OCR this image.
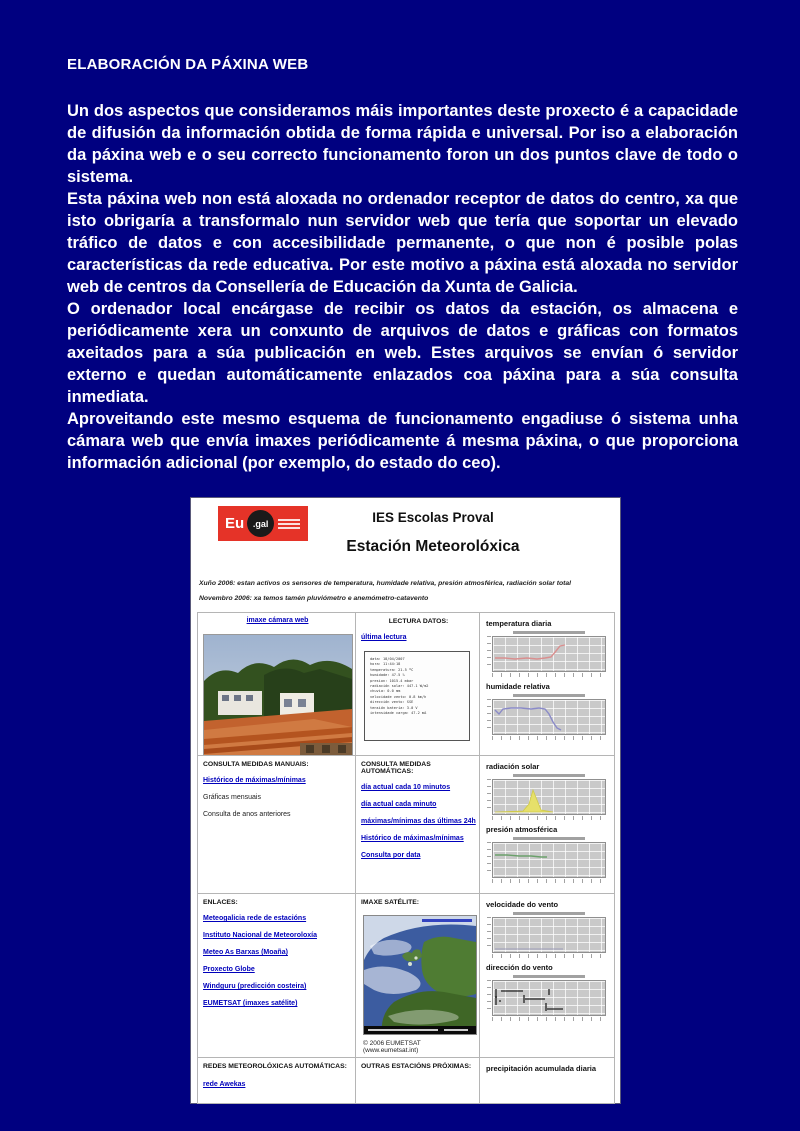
ELABORACIÓN DA PÁXINA WEB

Un dos aspectos que consideramos máis importantes deste proxecto é a capacidade de difusión da información obtida de forma rápida e universal. Por iso a elaboración da páxina web e o seu correcto funcionamento foron un dos puntos clave de todo o sistema.

Esta páxina web non está aloxada no ordenador receptor de datos do centro, xa que isto obrigaría a transformalo nun servidor web que tería que soportar un elevado tráfico de datos e con accesibilidade permanente, o que non é posible polas características da rede educativa. Por este motivo a páxina está aloxada no servidor web de centros da Consellería de Educación da Xunta de Galicia.

O ordenador local encárgase de recibir os datos da estación, os almacena e periódicamente xera un conxunto de arquivos de datos e gráficas con formatos axeitados para a súa publicación en web. Estes arquivos se envían ó servidor externo e quedan automáticamente enlazados coa páxina para a súa consulta inmediata.

Aproveitando este mesmo esquema de funcionamento engadiuse ó sistema unha cámara web que envía imaxes periódicamente á mesma páxina, o que proporciona información adicional (por exemplo, do estado do ceo).

Eu .gal	IES Escolas Proval
Estación Meteorolóxica
Xuño 2006: estan activos os sensores de temperatura, humidade relativa, presión atmosférica, radiación solar total
Novembro 2006: xa temos tamén pluviómetro e anemómetro-catavento
imaxe cámara web	LECTURA DATOS:
última lectura
data: 18/04/2007
hora: 11:44:18
temperatura: 21.5 ºC
humidade: 47.5 %
presion: 1015.4 mbar
radiación solar: 447.1 W/m2
chuvia: 0.0 mm
velocidade vento: 0.8 km/h
dirección vento: SSE
tensión batería: 3.0 V
intensidade carga: 47.2 mA
temperatura diaria
humidade relativa
CONSULTA MEDIDAS MANUAIS:
Histórico de máximas/mínimas
Gráficas mensuais
Consulta de anos anteriores
CONSULTA MEDIDAS AUTOMÁTICAS:
día actual cada 10 minutos
día actual cada minuto
máximas/mínimas das últimas 24h
Histórico de máximas/mínimas
Consulta por data
radiación solar
presión atmosférica
ENLACES:
Meteogalicia rede de estacións
Instituto Nacional de Meteoroloxía
Meteo As Barxas (Moaña)
Proxecto Globe
Windguru (predicción costeira)
EUMETSAT (imaxes satélite)
IMAXE SATÉLITE:
© 2006 EUMETSAT (www.eumetsat.int)
velocidade do vento
dirección do vento
REDES METEOROLÓXICAS AUTOMÁTICAS:
rede Awekas
OUTRAS ESTACIÓNS PRÓXIMAS:	precipitación acumulada diaria
